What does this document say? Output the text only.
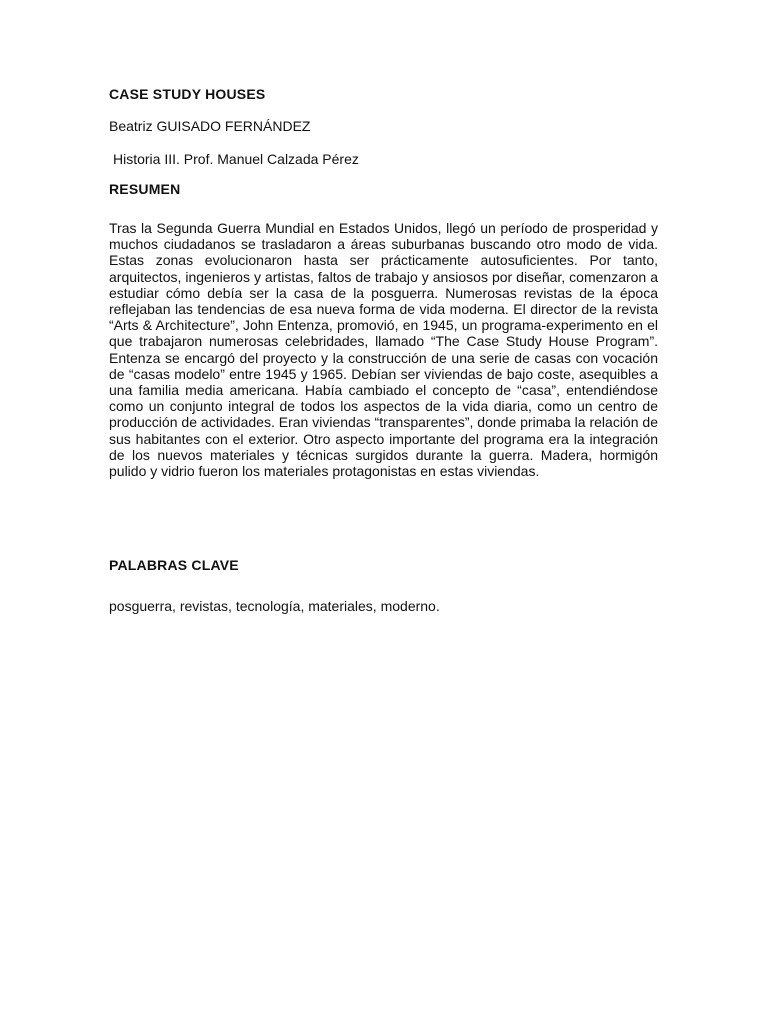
CASE STUDY HOUSES

Beatriz GUISADO FERNÁNDEZ

Historia III. Prof. Manuel Calzada Pérez

RESUMEN

Tras la Segunda Guerra Mundial en Estados Unidos, llegó un período de prosperidad y muchos ciudadanos se trasladaron a áreas suburbanas buscando otro modo de vida. Estas zonas evolucionaron hasta ser prácticamente autosuficientes. Por tanto, arquitectos, ingenieros y artistas, faltos de trabajo y ansiosos por diseñar, comenzaron a estudiar cómo debía ser la casa de la posguerra. Numerosas revistas de la época reflejaban las tendencias de esa nueva forma de vida moderna. El director de la revista “Arts & Architecture”, John Entenza, promovió, en 1945, un programa-experimento en el que trabajaron numerosas celebridades, llamado “The Case Study House Program”. Entenza se encargó del proyecto y la construcción de una serie de casas con vocación de “casas modelo” entre 1945 y 1965. Debían ser viviendas de bajo coste, asequibles a una familia media americana. Había cambiado el concepto de “casa”, entendiéndose como un conjunto integral de todos los aspectos de la vida diaria, como un centro de producción de actividades. Eran viviendas “transparentes”, donde primaba la relación de sus habitantes con el exterior. Otro aspecto importante del programa era la integración de los nuevos materiales y técnicas surgidos durante la guerra. Madera, hormigón pulido y vidrio fueron los materiales protagonistas en estas viviendas.

PALABRAS CLAVE

posguerra, revistas, tecnología, materiales, moderno.
